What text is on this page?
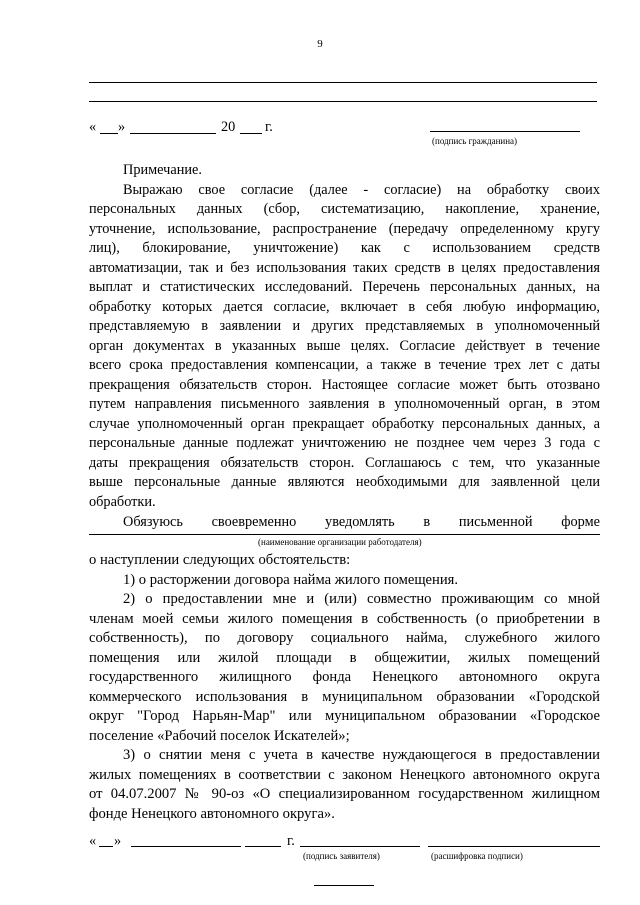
9
« »	20 г.
(подпись гражданина)
Примечание.
Выражаю свое согласие (далее - согласие) на обработку своих
персональных данных (сбор, систематизацию, накопление, хранение,
уточнение, использование, распространение (передачу определенному кругу
лиц), блокирование, уничтожение) как с использованием средств
автоматизации, так и без использования таких средств в целях предоставления
выплат и статистических исследований. Перечень персональных данных, на
обработку которых дается согласие, включает в себя любую информацию,
представляемую в заявлении и других представляемых в уполномоченный
орган документах в указанных выше целях. Согласие действует в течение
всего срока предоставления компенсации, а также в течение трех лет с даты
прекращения обязательств сторон. Настоящее согласие может быть отозвано
путем направления письменного заявления в уполномоченный орган, в этом
случае уполномоченный орган прекращает обработку персональных данных, а
персональные данные подлежат уничтожению не позднее чем через 3 года с
даты прекращения обязательств сторон. Соглашаюсь с тем, что указанные
выше персональные данные являются необходимыми для заявленной цели
обработки.
Обязуюсь своевременно уведомлять в письменной форме
(наименование организации работодателя)
о наступлении следующих обстоятельств:
1) о расторжении договора найма жилого помещения.
2) о предоставлении мне и (или) совместно проживающим со мной
членам моей семьи жилого помещения в собственность (о приобретении в
собственность), по договору социального найма, служебного жилого
помещения или жилой площади в общежитии, жилых помещений
государственного жилищного фонда Ненецкого автономного округа
коммерческого использования в муниципальном образовании «Городской
округ "Город Нарьян-Мар" или муниципальном образовании «Городское
поселение «Рабочий поселок Искателей»;
3) о снятии меня с учета в качестве нуждающегося в предоставлении
жилых помещениях в соответствии с законом Ненецкого автономного округа
от 04.07.2007 № 90-оз «О специализированном государственном жилищном
фонде Ненецкого автономного округа».
« »	г.
(подпись заявителя)	(расшифровка подписи)
